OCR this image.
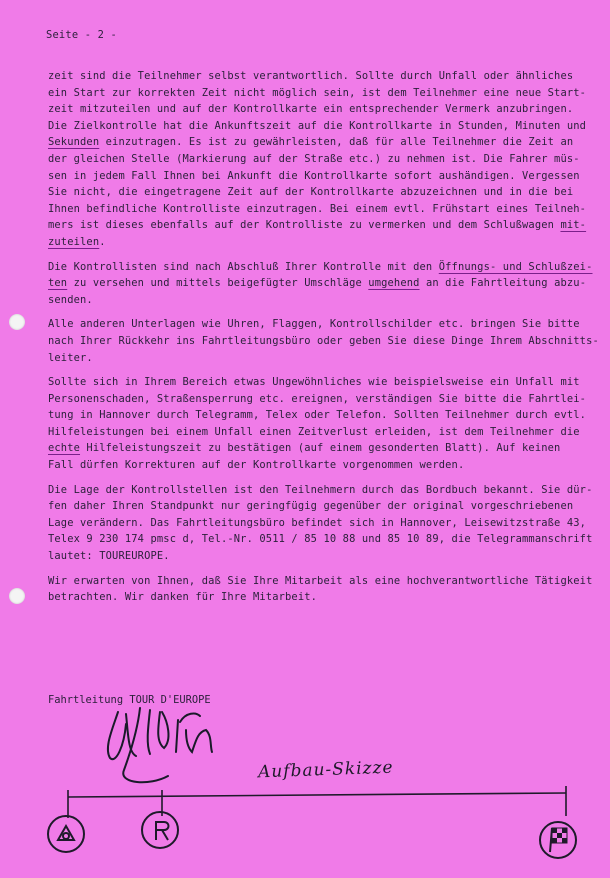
Seite - 2 -
zeit sind die Teilnehmer selbst verantwortlich. Sollte durch Unfall oder ähnliches
ein Start zur korrekten Zeit nicht möglich sein, ist dem Teilnehmer eine neue Start-
zeit mitzuteilen und auf der Kontrollkarte ein entsprechender Vermerk anzubringen.
Die Zielkontrolle hat die Ankunftszeit auf die Kontrollkarte in Stunden, Minuten und
Sekunden einzutragen. Es ist zu gewährleisten, daß für alle Teilnehmer die Zeit an
der gleichen Stelle (Markierung auf der Straße etc.) zu nehmen ist. Die Fahrer müs-
sen in jedem Fall Ihnen bei Ankunft die Kontrollkarte sofort aushändigen. Vergessen
Sie nicht, die eingetragene Zeit auf der Kontrollkarte abzuzeichnen und in die bei
Ihnen befindliche Kontrolliste einzutragen. Bei einem evtl. Frühstart eines Teilneh-
mers ist dieses ebenfalls auf der Kontrolliste zu vermerken und dem Schlußwagen mit-
zuteilen.
Die Kontrollisten sind nach Abschluß Ihrer Kontrolle mit den Öffnungs- und Schlußzei-
ten zu versehen und mittels beigefügter Umschläge umgehend an die Fahrtleitung abzu-
senden.
Alle anderen Unterlagen wie Uhren, Flaggen, Kontrollschilder etc. bringen Sie bitte
nach Ihrer Rückkehr ins Fahrtleitungsbüro oder geben Sie diese Dinge Ihrem Abschnitts-
leiter.
Sollte sich in Ihrem Bereich etwas Ungewöhnliches wie beispielsweise ein Unfall mit
Personenschaden, Straßensperrung etc. ereignen, verständigen Sie bitte die Fahrtlei-
tung in Hannover durch Telegramm, Telex oder Telefon. Sollten Teilnehmer durch evtl.
Hilfeleistungen bei einem Unfall einen Zeitverlust erleiden, ist dem Teilnehmer die
echte Hilfeleistungszeit zu bestätigen (auf einem gesonderten Blatt). Auf keinen
Fall dürfen Korrekturen auf der Kontrollkarte vorgenommen werden.
Die Lage der Kontrollstellen ist den Teilnehmern durch das Bordbuch bekannt. Sie dür-
fen daher Ihren Standpunkt nur geringfügig gegenüber der original vorgeschriebenen
Lage verändern. Das Fahrtleitungsbüro befindet sich in Hannover, Leisewitzstraße 43,
Telex 9 230 174 pmsc d, Tel.-Nr. 0511 / 85 10 88 und 85 10 89, die Telegrammanschrift
lautet: TOUREUROPE.
Wir erwarten von Ihnen, daß Sie Ihre Mitarbeit als eine hochverantwortliche Tätigkeit
betrachten. Wir danken für Ihre Mitarbeit.
Fahrtleitung TOUR D'EUROPE
Aufbau-Skizze
